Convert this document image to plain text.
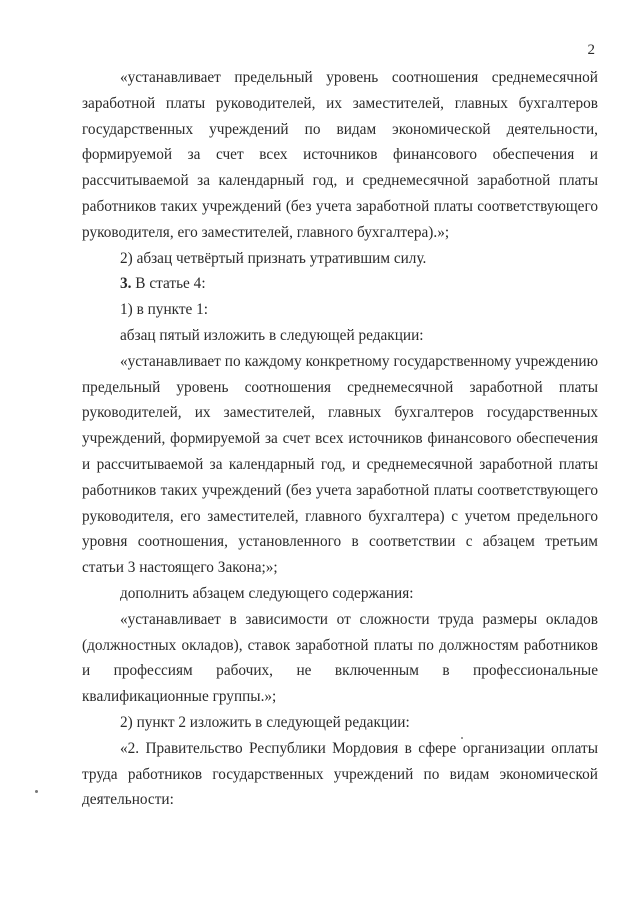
2

«устанавливает предельный уровень соотношения среднемесячной заработной платы руководителей, их заместителей, главных бухгалтеров государственных учреждений по видам экономической деятельности, формируемой за счет всех источников финансового обеспечения и рассчитываемой за календарный год, и среднемесячной заработной платы работников таких учреждений (без учета заработной платы соответствующего руководителя, его заместителей, главного бухгалтера).»;

2) абзац четвёртый признать утратившим силу.

3. В статье 4:

1) в пункте 1:

абзац пятый изложить в следующей редакции:

«устанавливает по каждому конкретному государственному учреждению предельный уровень соотношения среднемесячной заработной платы руководителей, их заместителей, главных бухгалтеров государственных учреждений, формируемой за счет всех источников финансового обеспечения и рассчитываемой за календарный год, и среднемесячной заработной платы работников таких учреждений (без учета заработной платы соответствующего руководителя, его заместителей, главного бухгалтера) с учетом предельного уровня соотношения, установленного в соответствии с абзацем третьим статьи 3 настоящего Закона;»;

дополнить абзацем следующего содержания:

«устанавливает в зависимости от сложности труда размеры окладов (должностных окладов), ставок заработной платы по должностям работников и профессиям рабочих, не включенным в профессиональные квалификационные группы.»;

2) пункт 2 изложить в следующей редакции:

«2. Правительство Республики Мордовия в сфере организации оплаты труда работников государственных учреждений по видам экономической деятельности:
